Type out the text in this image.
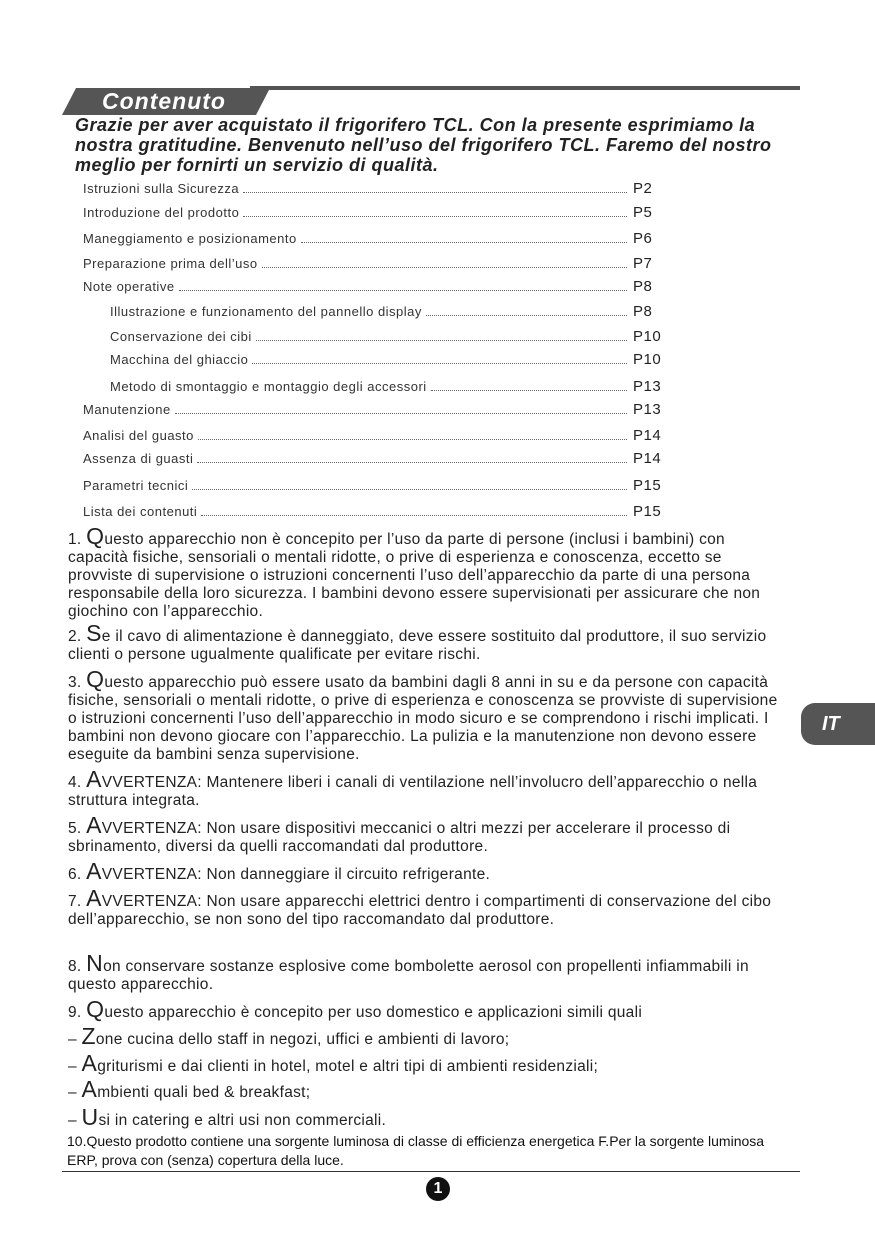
Contenuto
Grazie per aver acquistato il frigorifero TCL. Con la presente esprimiamo la nostra gratitudine. Benvenuto nell’uso del frigorifero TCL. Faremo del nostro meglio per fornirti un servizio di qualità.
Istruzioni sulla Sicurezza	P2
Introduzione del prodotto	P5
Maneggiamento e posizionamento	P6
Preparazione prima dell’uso	P7
Note operative	P8
Illustrazione e funzionamento del pannello display	P8
Conservazione dei cibi	P10
Macchina del ghiaccio	P10
Metodo di smontaggio e montaggio degli accessori	P13
Manutenzione	P13
Analisi del guasto	P14
Assenza di guasti	P14
Parametri tecnici	P15
Lista dei contenuti	P15
1. Questo apparecchio non è concepito per l’uso da parte di persone (inclusi i bambini) con capacità fisiche, sensoriali o mentali ridotte, o prive di esperienza e conoscenza, eccetto se provviste di supervisione o istruzioni concernenti l’uso dell’apparecchio da parte di una persona responsabile della loro sicurezza. I bambini devono essere supervisionati per assicurare che non giochino con l’apparecchio.
2. Se il cavo di alimentazione è danneggiato, deve essere sostituito dal produttore, il suo servizio clienti o persone ugualmente qualificate per evitare rischi.
3. Questo apparecchio può essere usato da bambini dagli 8 anni in su e da persone con capacità fisiche, sensoriali o mentali ridotte, o prive di esperienza e conoscenza se provviste di supervisione o istruzioni concernenti l’uso dell’apparecchio in modo sicuro e se comprendono i rischi implicati. I bambini non devono giocare con l’apparecchio. La pulizia e la manutenzione non devono essere eseguite da bambini senza supervisione.
4. AVVERTENZA: Mantenere liberi i canali di ventilazione nell’involucro dell’apparecchio o nella struttura integrata.
5. AVVERTENZA: Non usare dispositivi meccanici o altri mezzi per accelerare il processo di sbrinamento, diversi da quelli raccomandati dal produttore.
6. AVVERTENZA: Non danneggiare il circuito refrigerante.
7. AVVERTENZA: Non usare apparecchi elettrici dentro i compartimenti di conservazione del cibo dell’apparecchio, se non sono del tipo raccomandato dal produttore.
8. Non conservare sostanze esplosive come bombolette aerosol con propellenti infiammabili in questo apparecchio.
9. Questo apparecchio è concepito per uso domestico e applicazioni simili quali
– Zone cucina dello staff in negozi, uffici e ambienti di lavoro;
– Agriturismi e dai clienti in hotel, motel e altri tipi di ambienti residenziali;
– Ambienti quali bed & breakfast;
– Usi in catering e altri usi non commerciali.
10.Questo prodotto contiene una sorgente luminosa di classe di efficienza energetica F.Per la sorgente luminosa ERP, prova con (senza) copertura della luce.
1
IT
